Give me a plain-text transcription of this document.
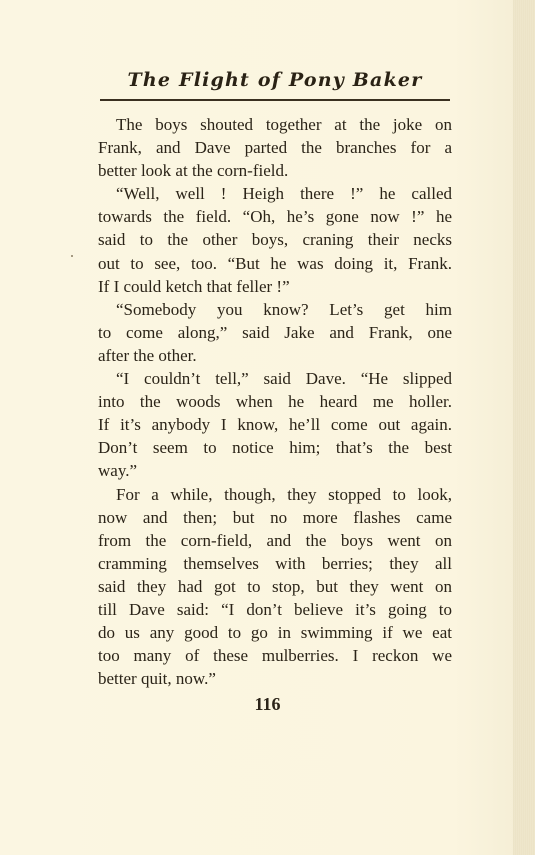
The Flight of Pony Baker

The boys shouted together at the joke on
Frank, and Dave parted the branches for a
better look at the corn-field.

“Well, well ! Heigh there !” he called
towards the field. “Oh, he’s gone now !” he
said to the other boys, craning their necks
out to see, too. “But he was doing it, Frank.
If I could ketch that feller !”

“Somebody you know? Let’s get him
to come along,” said Jake and Frank, one
after the other.

“I couldn’t tell,” said Dave. “He slipped
into the woods when he heard me holler.
If it’s anybody I know, he’ll come out again.
Don’t seem to notice him; that’s the best
way.”

For a while, though, they stopped to look,
now and then; but no more flashes came
from the corn-field, and the boys went on
cramming themselves with berries; they all
said they had got to stop, but they went on
till Dave said: “I don’t believe it’s going to
do us any good to go in swimming if we eat
too many of these mulberries. I reckon we
better quit, now.”

116
